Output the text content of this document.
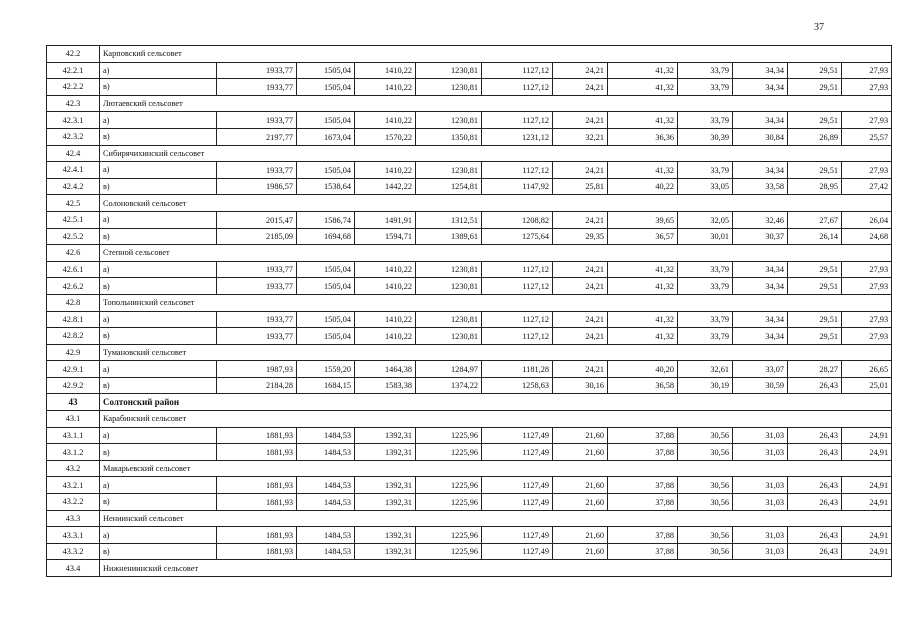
37
42.2	Карповский сельсовет											
42.2.1	а)	1933,77	1505,04	1410,22	1230,81	1127,12	24,21	41,32	33,79	34,34	29,51	27,93
42.2.2	в)	1933,77	1505,04	1410,22	1230,81	1127,12	24,21	41,32	33,79	34,34	29,51	27,93
42.3	Лютаевский сельсовет											
42.3.1	а)	1933,77	1505,04	1410,22	1230,81	1127,12	24,21	41,32	33,79	34,34	29,51	27,93
42.3.2	в)	2197,77	1673,04	1570,22	1350,81	1231,12	32,21	36,36	30,39	30,84	26,89	25,57
42.4	Сибирячихинский сельсовет											
42.4.1	а)	1933,77	1505,04	1410,22	1230,81	1127,12	24,21	41,32	33,79	34,34	29,51	27,93
42.4.2	в)	1986,57	1538,64	1442,22	1254,81	1147,92	25,81	40,22	33,05	33,58	28,95	27,42
42.5	Солоновский сельсовет											
42.5.1	а)	2015,47	1586,74	1491,91	1312,51	1208,82	24,21	39,65	32,05	32,46	27,67	26,04
42.5.2	в)	2185,09	1694,68	1594,71	1389,61	1275,64	29,35	36,57	30,01	30,37	26,14	24,68
42.6	Степной сельсовет											
42.6.1	а)	1933,77	1505,04	1410,22	1230,81	1127,12	24,21	41,32	33,79	34,34	29,51	27,93
42.6.2	в)	1933,77	1505,04	1410,22	1230,81	1127,12	24,21	41,32	33,79	34,34	29,51	27,93
42.8	Топольнинский сельсовет											
42.8.1	а)	1933,77	1505,04	1410,22	1230,81	1127,12	24,21	41,32	33,79	34,34	29,51	27,93
42.8.2	в)	1933,77	1505,04	1410,22	1230,81	1127,12	24,21	41,32	33,79	34,34	29,51	27,93
42.9	Тумановский сельсовет											
42.9.1	а)	1987,93	1559,20	1464,38	1284,97	1181,28	24,21	40,20	32,61	33,07	28,27	26,65
42.9.2	в)	2184,28	1684,15	1583,38	1374,22	1258,63	30,16	36,58	30,19	30,59	26,43	25,01
43	Солтонский район											
43.1	Карабинский сельсовет											
43.1.1	а)	1881,93	1484,53	1392,31	1225,96	1127,49	21,60	37,88	30,56	31,03	26,43	24,91
43.1.2	в)	1881,93	1484,53	1392,31	1225,96	1127,49	21,60	37,88	30,56	31,03	26,43	24,91
43.2	Макарьевский сельсовет											
43.2.1	а)	1881,93	1484,53	1392,31	1225,96	1127,49	21,60	37,88	30,56	31,03	26,43	24,91
43.2.2	в)	1881,93	1484,53	1392,31	1225,96	1127,49	21,60	37,88	30,56	31,03	26,43	24,91
43.3	Нениинский сельсовет											
43.3.1	а)	1881,93	1484,53	1392,31	1225,96	1127,49	21,60	37,88	30,56	31,03	26,43	24,91
43.3.2	в)	1881,93	1484,53	1392,31	1225,96	1127,49	21,60	37,88	30,56	31,03	26,43	24,91
43.4	Нижнениинский сельсовет											
